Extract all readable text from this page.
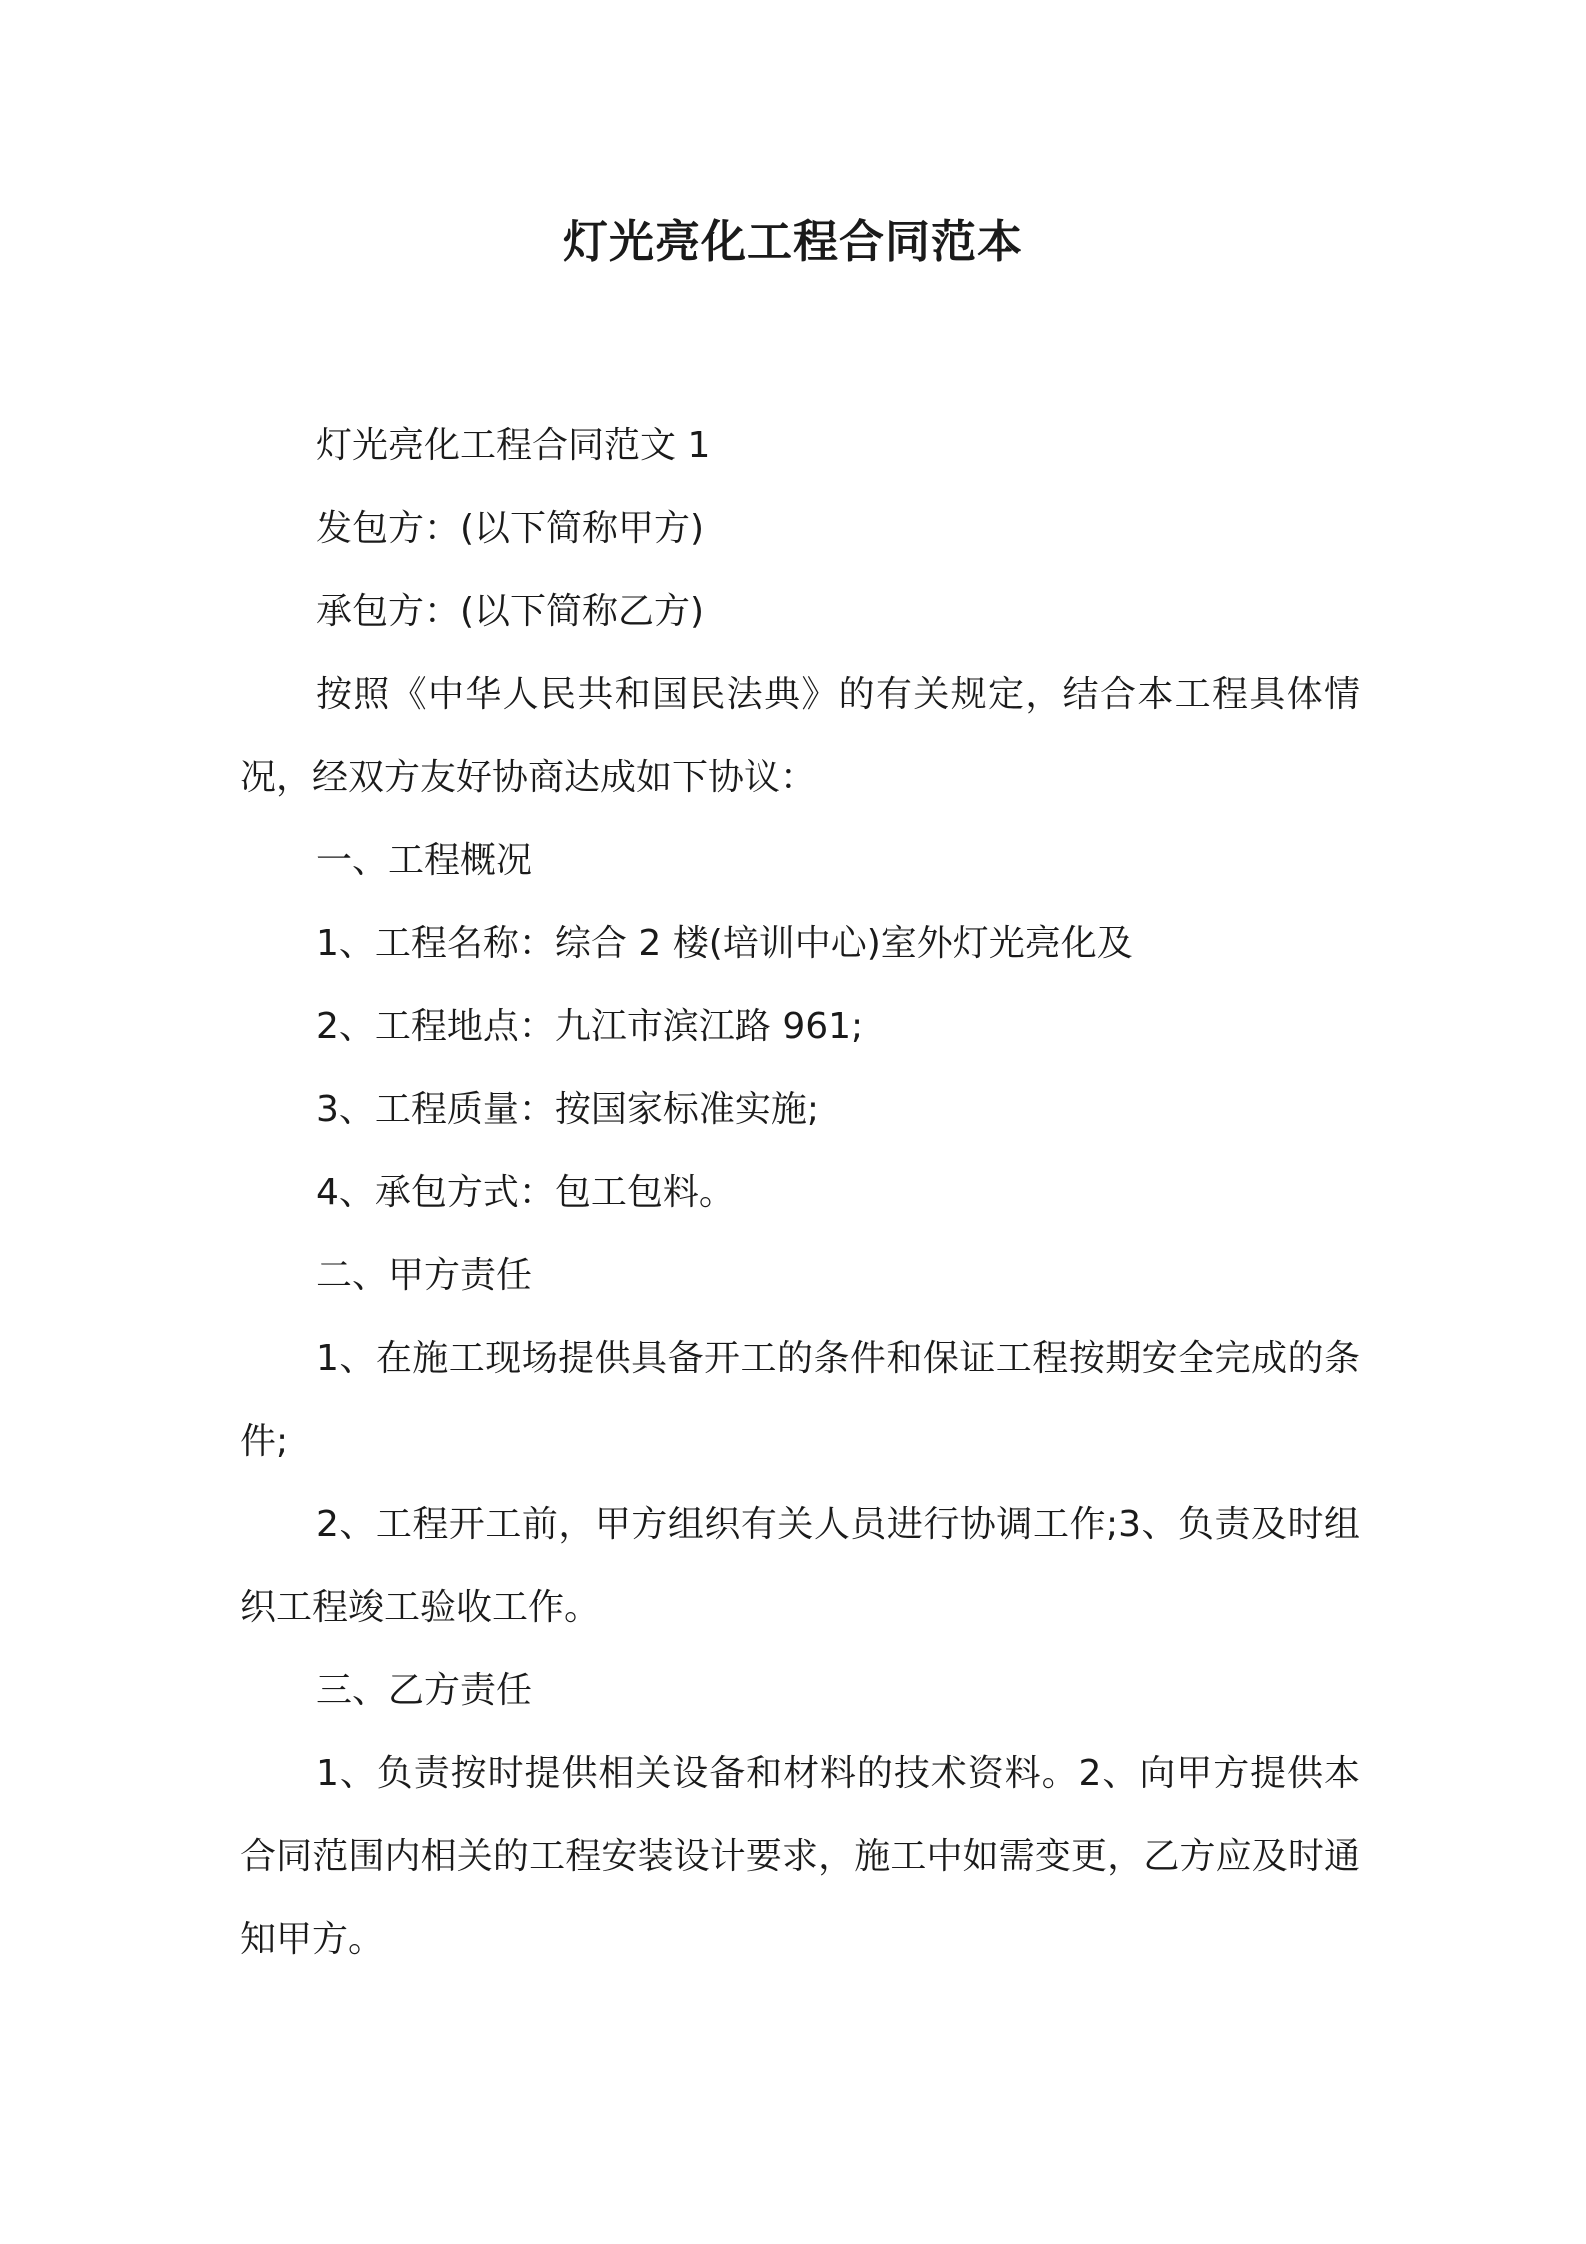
灯光亮化工程合同范本

灯光亮化工程合同范文 1

发包方：(以下简称甲方)

承包方：(以下简称乙方)

按照《中华人民共和国民法典》的有关规定，结合本工程具体情况，经双方友好协商达成如下协议：

一、工程概况

1、工程名称：综合 2 楼(培训中心)室外灯光亮化及

2、工程地点：九江市滨江路 961;

3、工程质量：按国家标准实施;

4、承包方式：包工包料。

二、甲方责任

1、在施工现场提供具备开工的条件和保证工程按期安全完成的条件;

2、工程开工前，甲方组织有关人员进行协调工作;3、负责及时组织工程竣工验收工作。

三、乙方责任

1、负责按时提供相关设备和材料的技术资料。2、向甲方提供本合同范围内相关的工程安装设计要求，施工中如需变更，乙方应及时通知甲方。
